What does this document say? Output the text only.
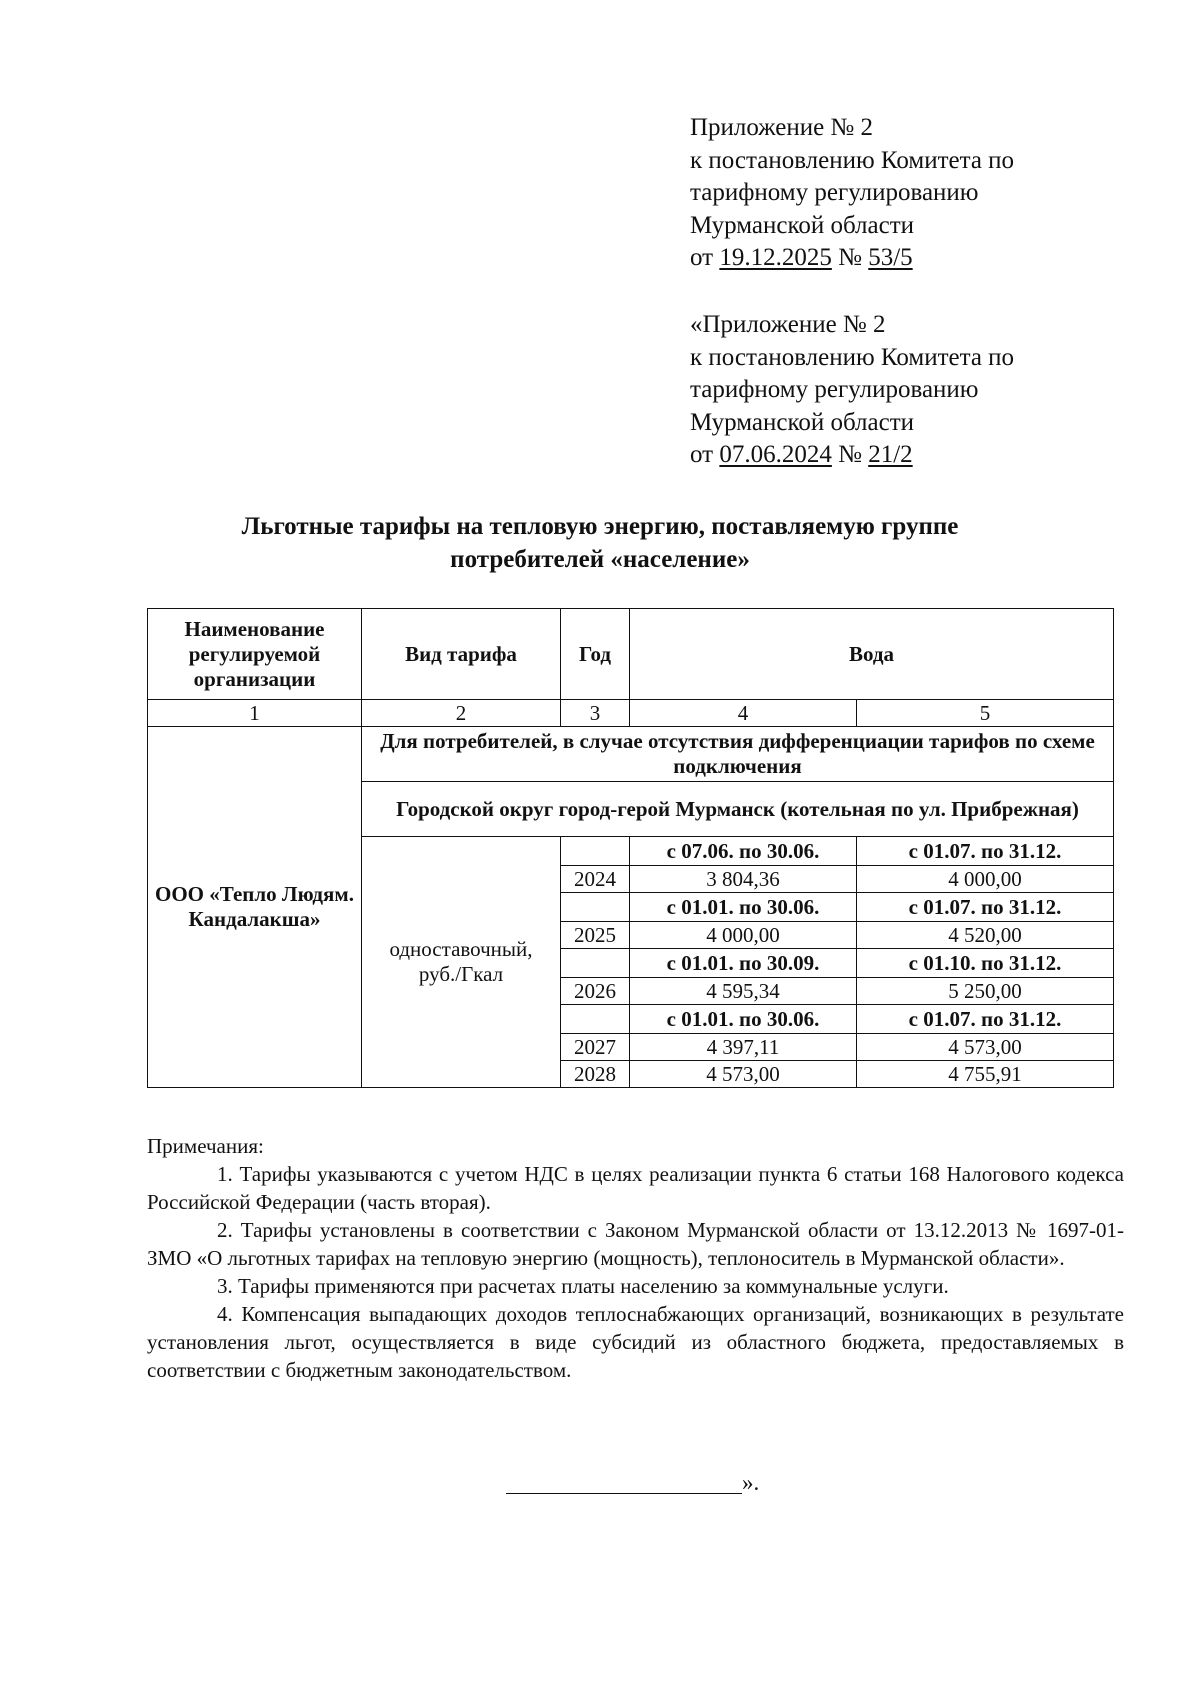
Приложение № 2
к постановлению Комитета по
тарифному регулированию
Мурманской области
от 19.12.2025 № 53/5
«Приложение № 2
к постановлению Комитета по
тарифному регулированию
Мурманской области
от 07.06.2024 № 21/2
Льготные тарифы на тепловую энергию, поставляемую группе
потребителей «население»
Наименование регулируемой организации	Вид тарифа	Год	Вода	
1	2	3	4	5
ООО «Тепло Людям. Кандалакша»	Для потребителей, в случае отсутствия дифференциации тарифов по схеме подключения			
	Городской округ город-герой Мурманск (котельная по ул. Прибрежная)			
	одноставочный, руб./Гкал		с 07.06. по 30.06.	с 01.07. по 31.12.
		2024	3 804,36	4 000,00
			с 01.01. по 30.06.	с 01.07. по 31.12.
		2025	4 000,00	4 520,00
			с 01.01. по 30.09.	с 01.10. по 31.12.
		2026	4 595,34	5 250,00
			с 01.01. по 30.06.	с 01.07. по 31.12.
		2027	4 397,11	4 573,00
		2028	4 573,00	4 755,91

Примечания:

1. Тарифы указываются с учетом НДС в целях реализации пункта 6 статьи 168 Налогового кодекса Российской Федерации (часть вторая).

2. Тарифы установлены в соответствии с Законом Мурманской области от 13.12.2013 № 1697-01-ЗМО «О льготных тарифах на тепловую энергию (мощность), теплоноситель в Мурманской области».

3. Тарифы применяются при расчетах платы населению за коммунальные услуги.

4. Компенсация выпадающих доходов теплоснабжающих организаций, возникающих в результате установления льгот, осуществляется в виде субсидий из областного бюджета, предоставляемых в соответствии с бюджетным законодательством.

».
